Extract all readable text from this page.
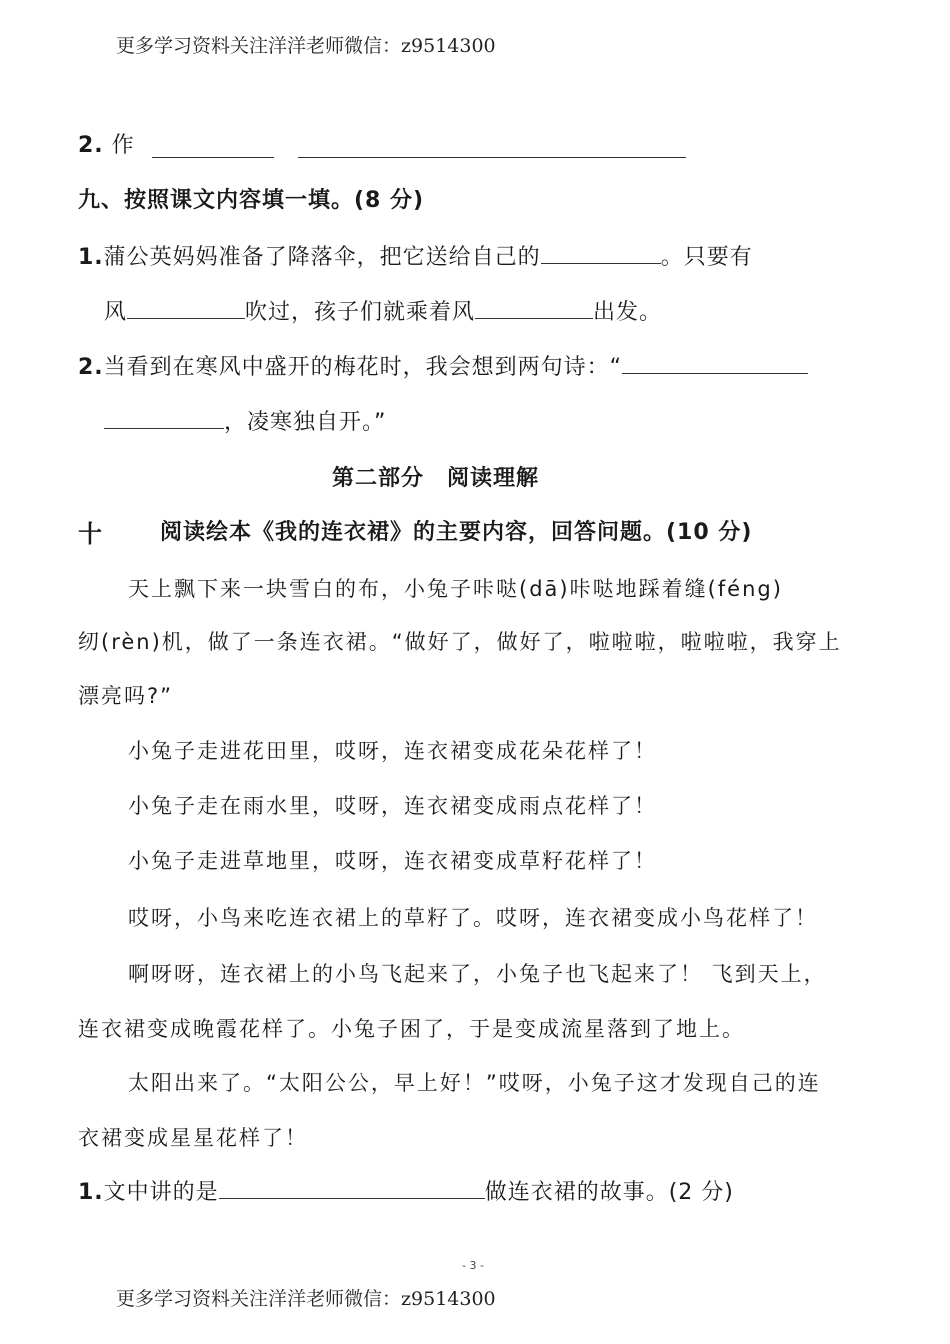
更多学习资料关注洋洋老师微信：z9514300
2. 作
九、按照课文内容填一填。(8 分)
1.蒲公英妈妈准备了降落伞，把它送给自己的	。只要有
风	吹过，孩子们就乘着风	出发。
2.当看到在寒风中盛开的梅花时，我会想到两句诗：“
，凌寒独自开。”
第二部分　阅读理解
十	阅读绘本《我的连衣裙》的主要内容，回答问题。(10 分)
天上飘下来一块雪白的布，小兔子咔哒(dā)咔哒地踩着缝(féng)
纫(rèn)机，做了一条连衣裙。“做好了，做好了，啦啦啦，啦啦啦，我穿上
漂亮吗?”
小兔子走进花田里，哎呀，连衣裙变成花朵花样了！
小兔子走在雨水里，哎呀，连衣裙变成雨点花样了！
小兔子走进草地里，哎呀，连衣裙变成草籽花样了！
哎呀，小鸟来吃连衣裙上的草籽了。哎呀，连衣裙变成小鸟花样了！
啊呀呀，连衣裙上的小鸟飞起来了，小兔子也飞起来了！ 飞到天上，
连衣裙变成晚霞花样了。小兔子困了，于是变成流星落到了地上。
太阳出来了。“太阳公公，早上好！”哎呀，小兔子这才发现自己的连
衣裙变成星星花样了！
1.文中讲的是	做连衣裙的故事。(2 分)
- 3 -
更多学习资料关注洋洋老师微信：z9514300
